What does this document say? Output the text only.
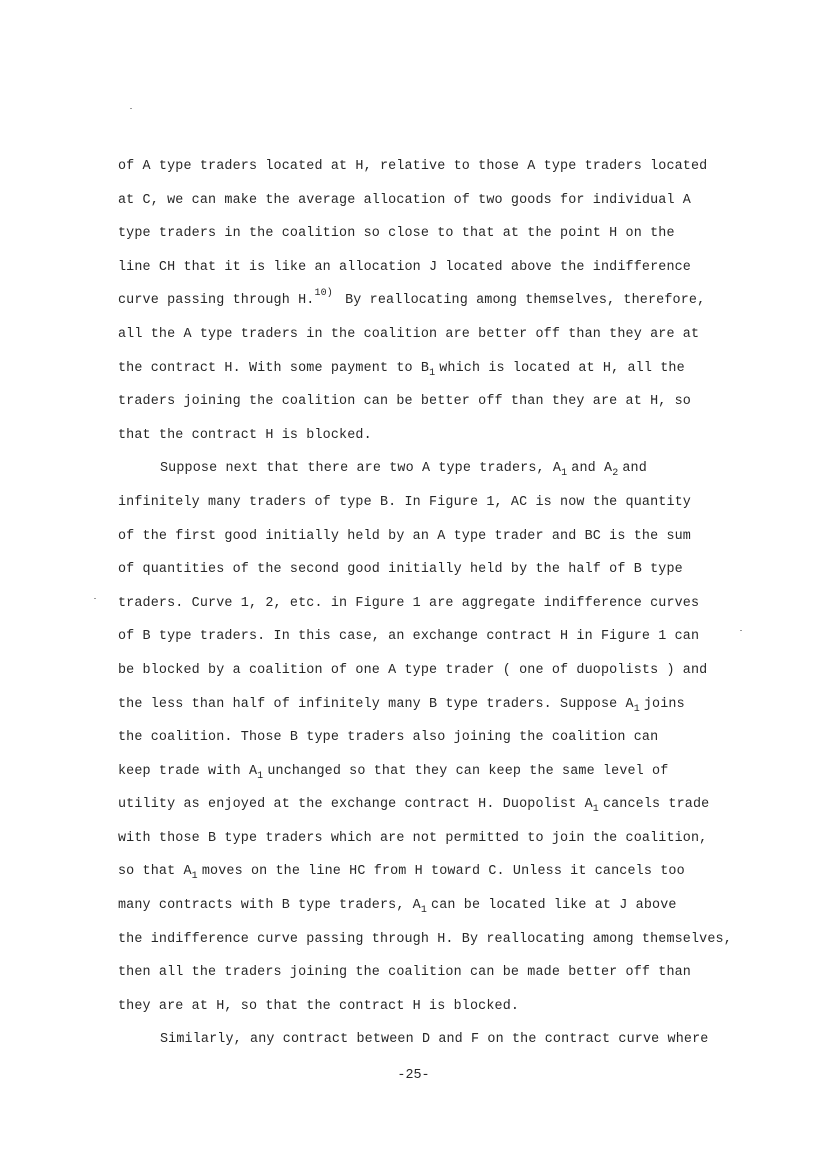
of A type traders located at H, relative to those A type traders located
at C, we can make the average allocation of two goods for individual A
type traders in the coalition so close to that at the point H on the
line CH that it is like an allocation J located above the indifference
curve passing through H.$^{10)}$ By reallocating among themselves, therefore,
all the A type traders in the coalition are better off than they are at
the contract H. With some payment to $B_1$ which is located at H, all the
traders joining the coalition can be better off than they are at H, so
that the contract H is blocked.
Suppose next that there are two A type traders, $A_1$ and $A_2$ and
infinitely many traders of type B. In Figure 1, AC is now the quantity
of the first good initially held by an A type trader and BC is the sum
of quantities of the second good initially held by the half of B type
traders. Curve 1, 2, etc. in Figure 1 are aggregate indifference curves
of B type traders. In this case, an exchange contract H in Figure 1 can
be blocked by a coalition of one A type trader ( one of duopolists ) and
the less than half of infinitely many B type traders. Suppose $A_1$ joins
the coalition. Those B type traders also joining the coalition can
keep trade with $A_1$ unchanged so that they can keep the same level of
utility as enjoyed at the exchange contract H. Duopolist $A_1$ cancels trade
with those B type traders which are not permitted to join the coalition,
so that $A_1$ moves on the line HC from H toward C. Unless it cancels too
many contracts with B type traders, $A_1$ can be located like at J above
the indifference curve passing through H. By reallocating among themselves,
then all the traders joining the coalition can be made better off than
they are at H, so that the contract H is blocked.
Similarly, any contract between D and F on the contract curve where
-25-
